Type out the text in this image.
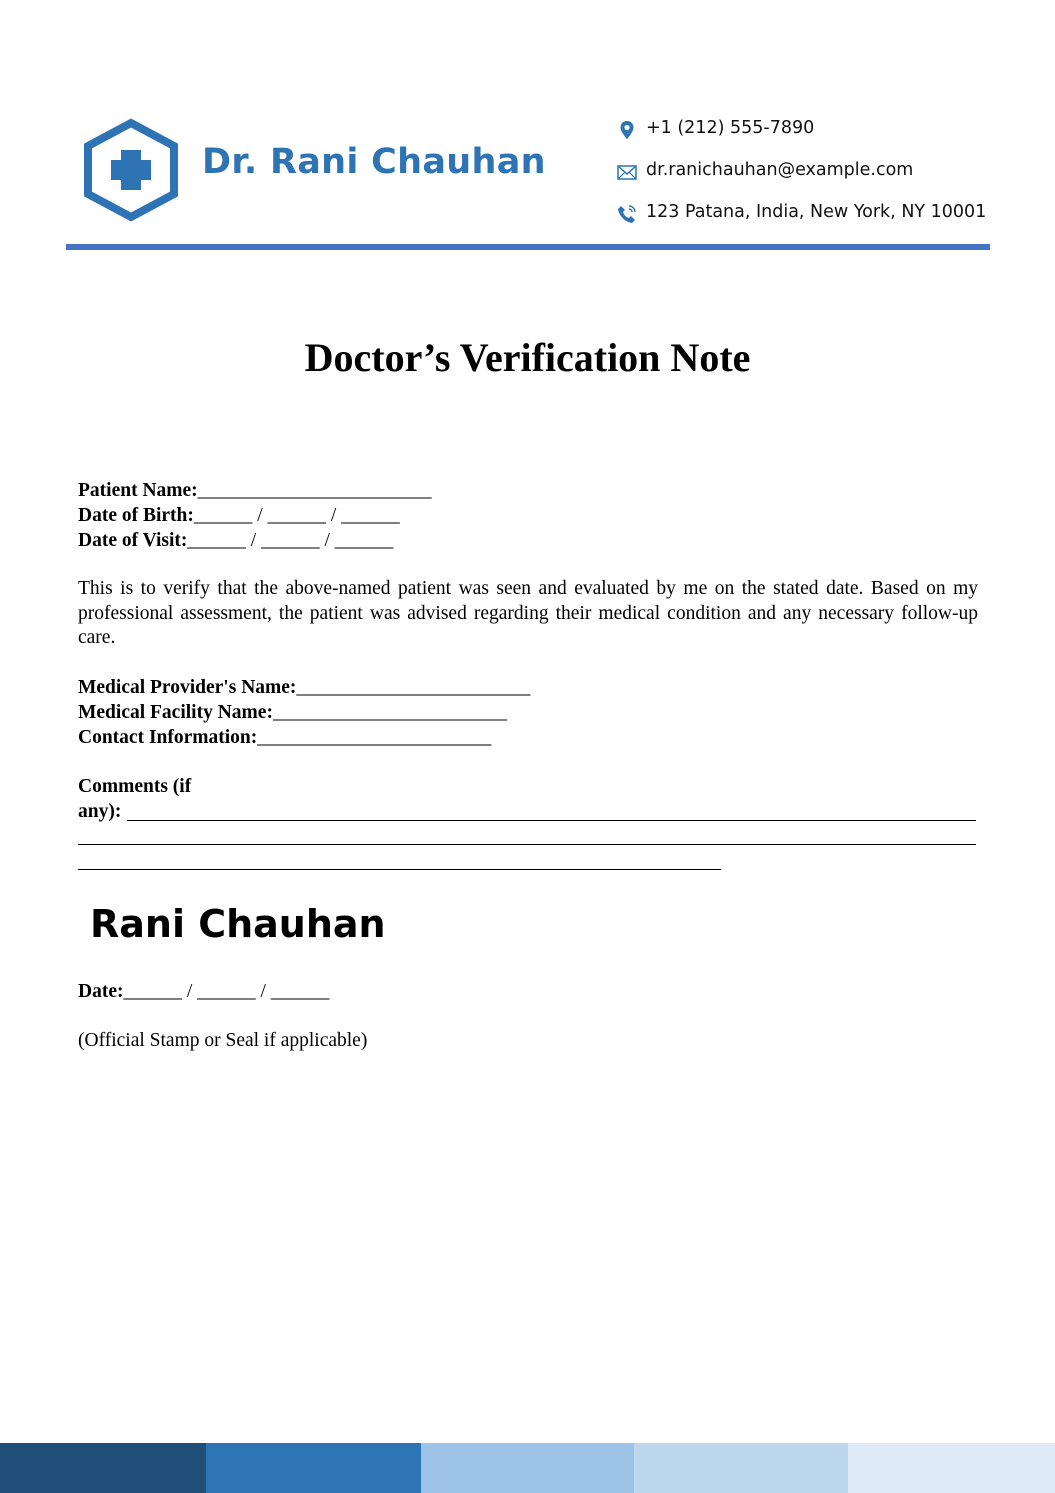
Dr. Rani Chauhan
+1 (212) 555-7890
dr.ranichauhan@example.com
123 Patana, India, New York, NY 10001
Doctor’s Verification Note
Patient Name:________________________
Date of Birth:______ / ______ / ______
Date of Visit:______ / ______ / ______
This is to verify that the above-named patient was seen and evaluated by me on the stated date. Based on my professional assessment, the patient was advised regarding their medical condition and any necessary follow-up care.
Medical Provider's Name:________________________
Medical Facility Name:________________________
Contact Information:________________________
Comments (if
any):
Rani Chauhan
Date:______ / ______ / ______
(Official Stamp or Seal if applicable)
